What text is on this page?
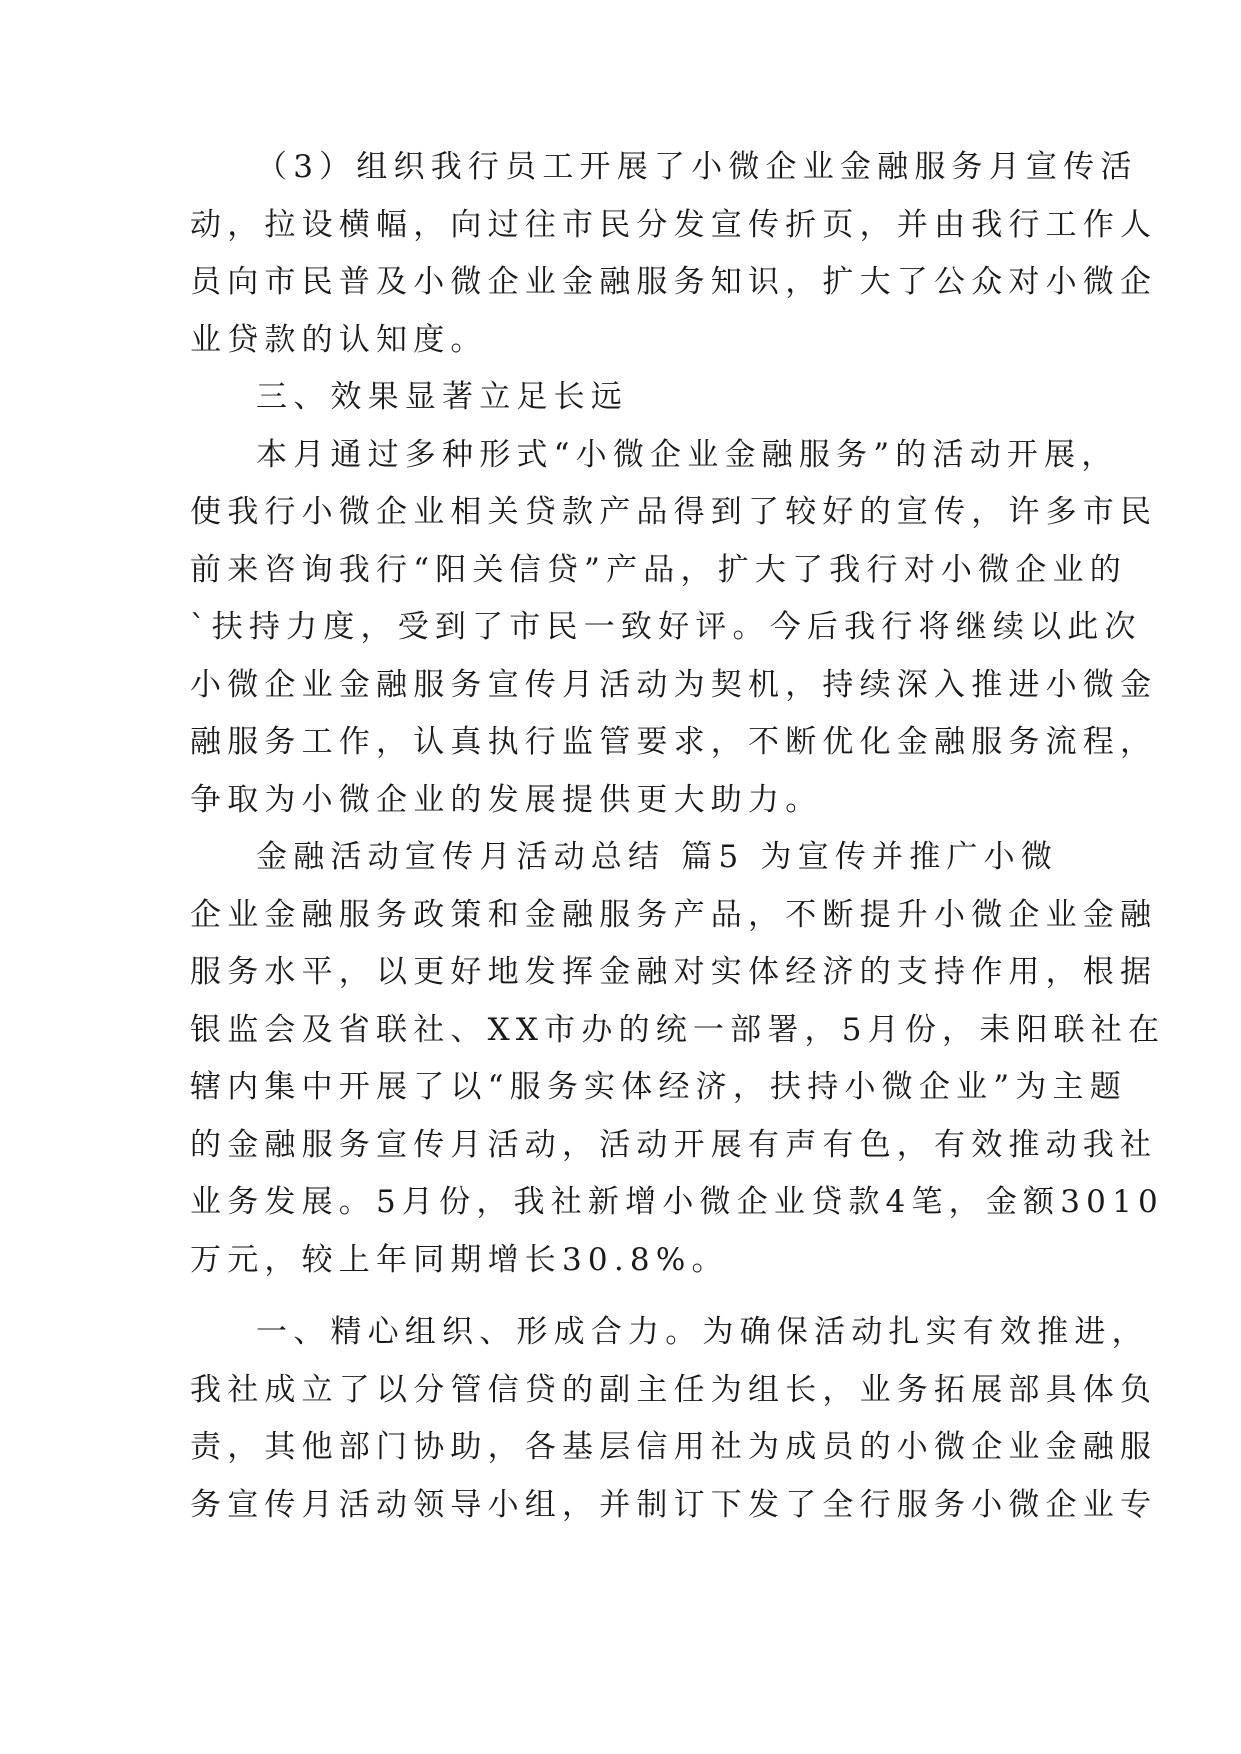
（3）组织我行员工开展了小微企业金融服务月宣传活
动，拉设横幅，向过往市民分发宣传折页，并由我行工作人
员向市民普及小微企业金融服务知识，扩大了公众对小微企
业贷款的认知度。
三、效果显著立足长远
本月通过多种形式“小微企业金融服务”的活动开展，
使我行小微企业相关贷款产品得到了较好的宣传，许多市民
前来咨询我行“阳关信贷”产品，扩大了我行对小微企业的
`扶持力度，受到了市民一致好评。今后我行将继续以此次
小微企业金融服务宣传月活动为契机，持续深入推进小微金
融服务工作，认真执行监管要求，不断优化金融服务流程，
争取为小微企业的发展提供更大助力。
金融活动宣传月活动总结 篇5 为宣传并推广小微
企业金融服务政策和金融服务产品，不断提升小微企业金融
服务水平，以更好地发挥金融对实体经济的支持作用，根据
银监会及省联社、XX市办的统一部署，5月份，耒阳联社在
辖内集中开展了以“服务实体经济，扶持小微企业”为主题
的金融服务宣传月活动，活动开展有声有色，有效推动我社
业务发展。5月份，我社新增小微企业贷款4笔，金额3010
万元，较上年同期增长30.8%。
一、精心组织、形成合力。为确保活动扎实有效推进，
我社成立了以分管信贷的副主任为组长，业务拓展部具体负
责，其他部门协助，各基层信用社为成员的小微企业金融服
务宣传月活动领导小组，并制订下发了全行服务小微企业专
